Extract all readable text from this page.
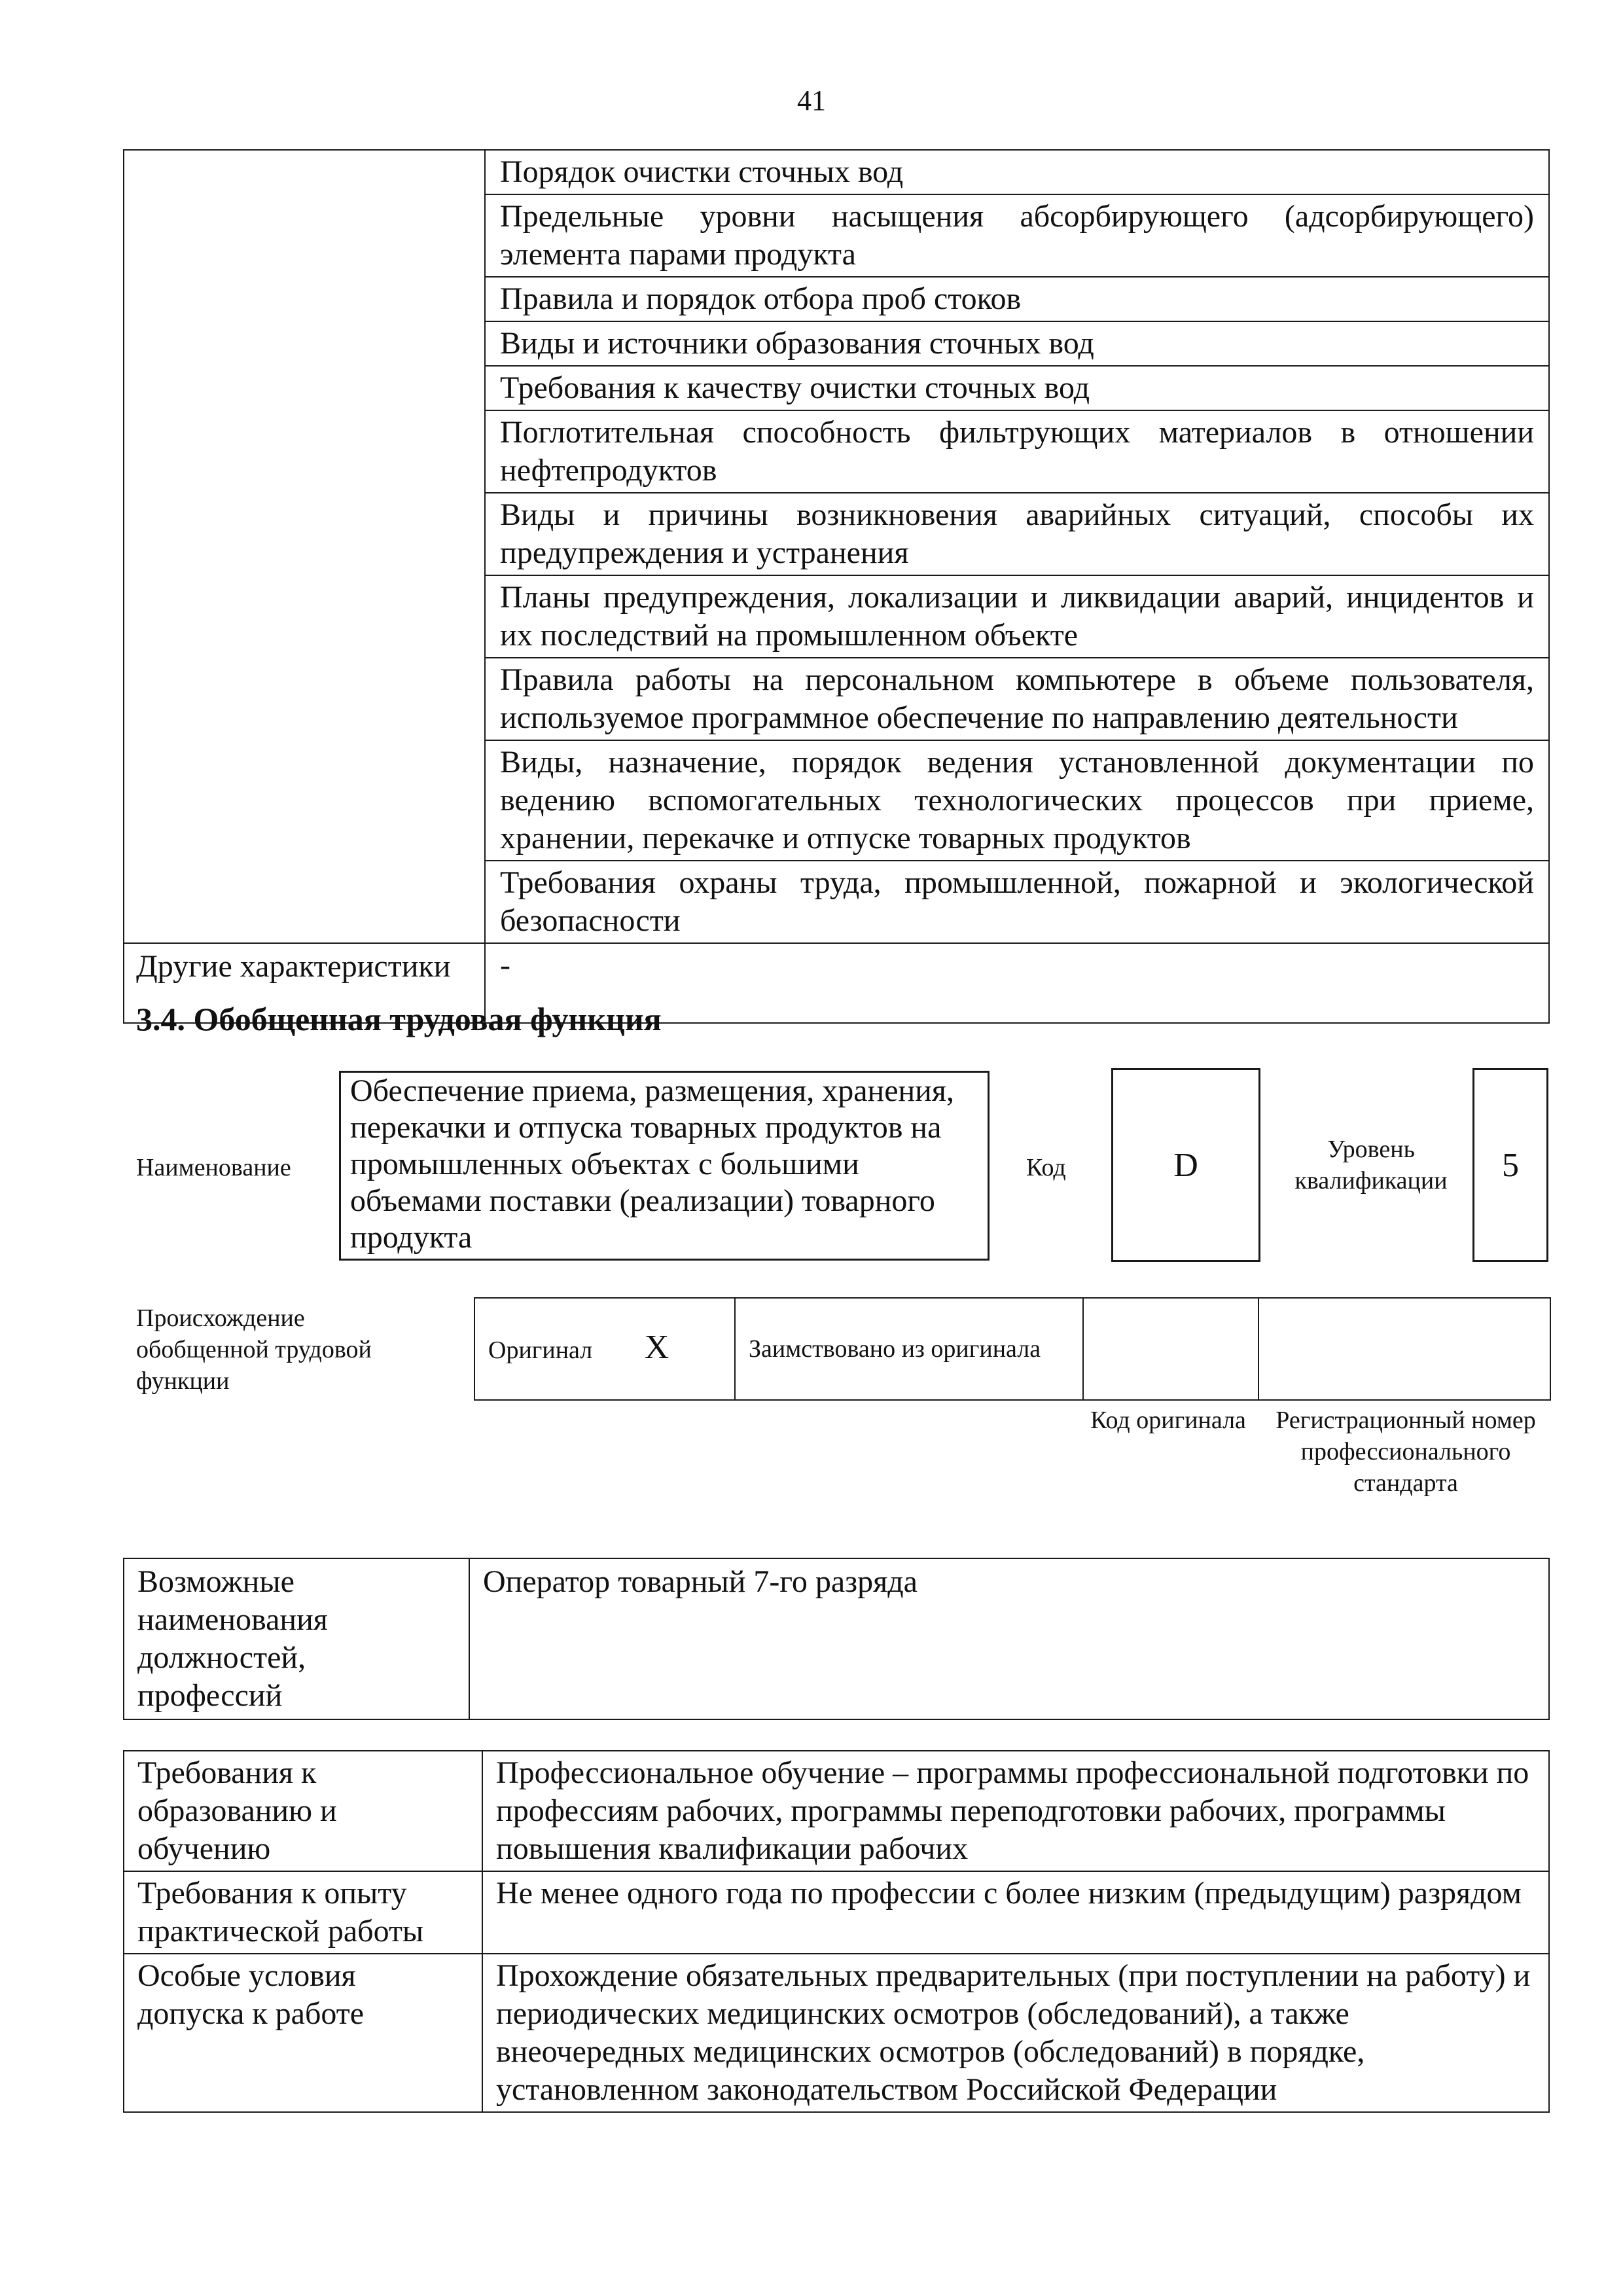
41
	Порядок очистки сточных вод
	Предельные уровни насыщения абсорбирующего (адсорбирующего) элемента парами продукта
	Правила и порядок отбора проб стоков
	Виды и источники образования сточных вод
	Требования к качеству очистки сточных вод
	Поглотительная способность фильтрующих материалов в отношении нефтепродуктов
	Виды и причины возникновения аварийных ситуаций, способы их предупреждения и устранения
	Планы предупреждения, локализации и ликвидации аварий, инцидентов и их последствий на промышленном объекте
	Правила работы на персональном компьютере в объеме пользователя, используемое программное обеспечение по направлению деятельности
	Виды, назначение, порядок ведения установленной документации по ведению вспомогательных технологических процессов при приеме, хранении, перекачке и отпуске товарных продуктов
	Требования охраны труда, промышленной, пожарной и экологической безопасности
Другие характеристики	-
3.4. Обобщенная трудовая функция
Наименование
Обеспечение приема, размещения, хранения, перекачки и отпуска товарных продуктов на промышленных объектах с большими объемами поставки (реализации) товарного продукта
Код	D	Уровень квалификации	5
Происхождение обобщенной трудовой функции
Оригинал X	Заимствовано из оригинала		
Код оригинала	Регистрационный номер профессионального стандарта
Возможные наименования должностей, профессий	Оператор товарный 7-го разряда
Требования к образованию и обучению	Профессиональное обучение – программы профессиональной подготовки по профессиям рабочих, программы переподготовки рабочих, программы повышения квалификации рабочих
Требования к опыту практической работы	Не менее одного года по профессии с более низким (предыдущим) разрядом
Особые условия допуска к работе	Прохождение обязательных предварительных (при поступлении на работу) и периодических медицинских осмотров (обследований), а также внеочередных медицинских осмотров (обследований) в порядке, установленном законодательством Российской Федерации
